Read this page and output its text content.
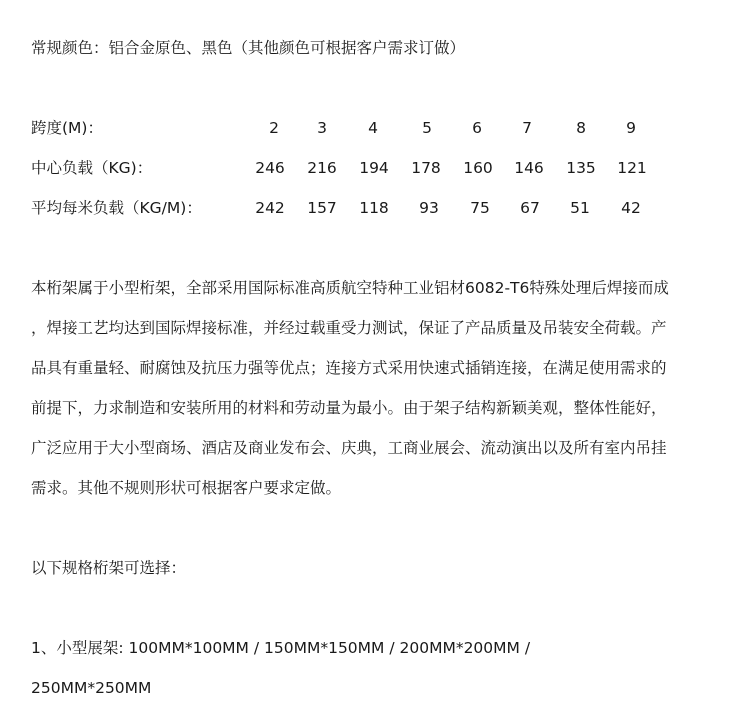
常规颜色：铝合金原色、黑色（其他颜色可根据客户需求订做）
跨度(M)：	2	3	4	5	6	7	8	9
中心负载（KG)：	246	216	194	178	160	146	135	121
平均每米负载（KG/M)：	242	157	118	93	75	67	51	42
本桁架属于小型桁架，全部采用国际标准高质航空特种工业铝材6082-T6特殊处理后焊接而成
，焊接工艺均达到国际焊接标准，并经过载重受力测试，保证了产品质量及吊装安全荷载。产
品具有重量轻、耐腐蚀及抗压力强等优点；连接方式采用快速式插销连接，在满足使用需求的
前提下，力求制造和安装所用的材料和劳动量为最小。由于架子结构新颖美观，整体性能好，
广泛应用于大小型商场、酒店及商业发布会、庆典，工商业展会、流动演出以及所有室内吊挂
需求。其他不规则形状可根据客户要求定做。
以下规格桁架可选择：
1、小型展架: 100MM*100MM / 150MM*150MM / 200MM*200MM /
250MM*250MM
